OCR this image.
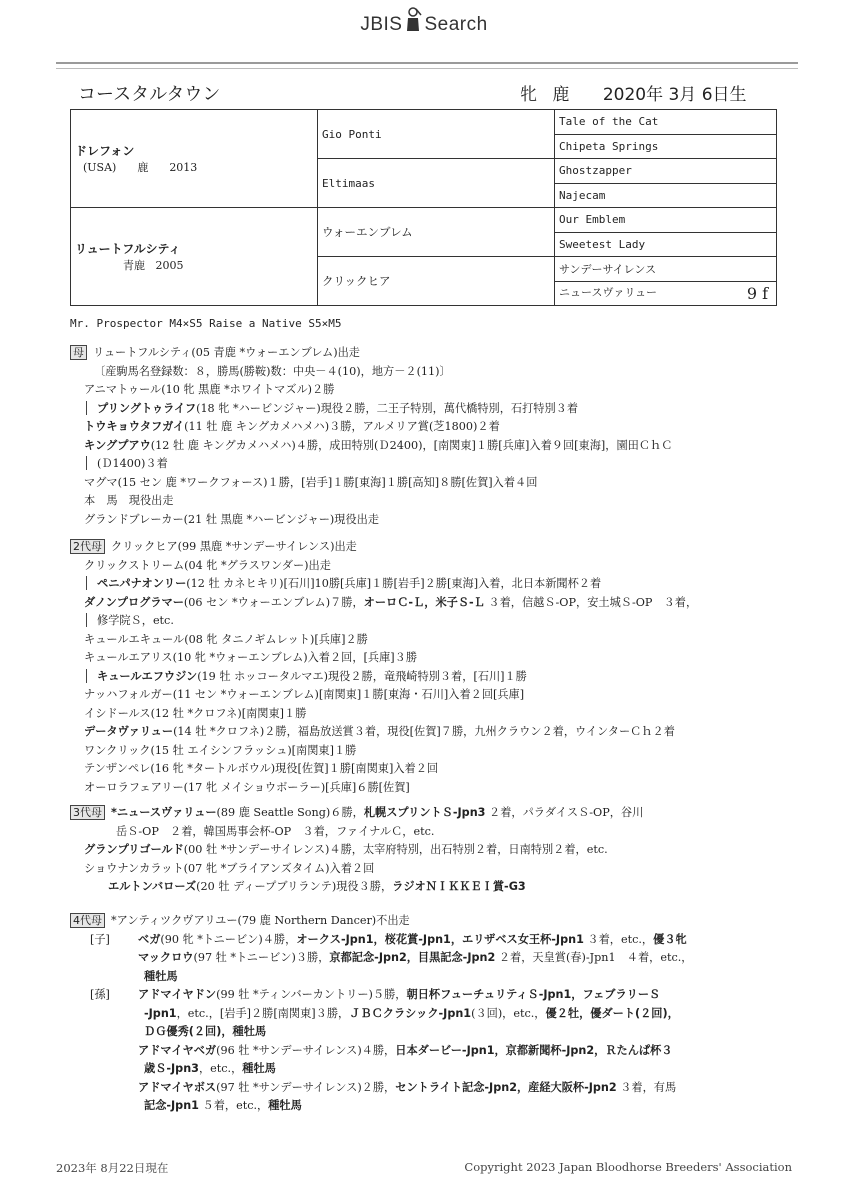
JBIS Search
コースタルタウン	牝 鹿 2020年 3月 6日生
ドレフォン
(USA) 鹿 2013	Gio Ponti	Tale of the Cat
		Chipeta Springs
	Eltimaas	Ghostzapper
		Najecam

リュートフルシティ
青鹿 2005	ウォーエンブレム	Our Emblem
		Sweetest Lady
	クリックヒア	サンデーサイレンス
		ニュースヴァリュー 9 f
Mr. Prospector M4×S5 Raise a Native S5×M5
母 リュートフルシティ(05 青鹿 *ウォーエンブレム)出走
〔産駒馬名登録数：８，勝馬(勝鞍)数：中央－４(10)，地方－２(11)〕
アニマトゥール(10 牝 黒鹿 *ホワイトマズル)２勝
プリングトゥライフ(18 牝 *ハービンジャー)現役２勝，二王子特別，萬代橋特別，石打特別３着
トウキョウタフガイ(11 牡 鹿 キングカメハメハ)３勝，アルメリア賞(芝1800)２着
キングプアウ(12 牡 鹿 キングカメハメハ)４勝，成田特別(Ｄ2400)，[南関東]１勝[兵庫]入着９回[東海]，園田ＣｈＣ
(Ｄ1400)３着
マグマ(15 セン 鹿 *ワークフォース)１勝，[岩手]１勝[東海]１勝[高知]８勝[佐賀]入着４回
本　馬　現役出走
グランドブレーカー(21 牡 黒鹿 *ハービンジャー)現役出走
2代母 クリックヒア(99 黒鹿 *サンデーサイレンス)出走
クリックストリーム(04 牝 *グラスワンダー)出走
ペニパナオンリー(12 牡 カネヒキリ)[石川]10勝[兵庫]１勝[岩手]２勝[東海]入着，北日本新聞杯２着
ダノンプログラマー(06 セン *ウォーエンブレム)７勝，オーロＣ-Ｌ，米子Ｓ-Ｌ ３着，信越Ｓ-OP，安土城Ｓ-OP　３着，
修学院Ｓ，etc.
キュールエキュール(08 牝 タニノギムレット)[兵庫]２勝
キュールエアリス(10 牝 *ウォーエンブレム)入着２回，[兵庫]３勝
キュールエフウジン(19 牡 ホッコータルマエ)現役２勝，竜飛崎特別３着，[石川]１勝
ナッハフォルガー(11 セン *ウォーエンブレム)[南関東]１勝[東海・石川]入着２回[兵庫]
イシドールス(12 牡 *クロフネ)[南関東]１勝
データヴァリュー(14 牡 *クロフネ)２勝，福島放送賞３着，現役[佐賀]７勝，九州クラウン２着，ウインターＣｈ２着
ワンクリック(15 牡 エイシンフラッシュ)[南関東]１勝
テンザンペレ(16 牝 *タートルボウル)現役[佐賀]１勝[南関東]入着２回
オーロラフェアリー(17 牝 メイショウボーラー)[兵庫]６勝[佐賀]
3代母 *ニュースヴァリュー(89 鹿 Seattle Song)６勝，札幌スプリントＳ-Jpn3 ２着，パラダイスＳ-OP，谷川
岳Ｓ-OP　２着，韓国馬事会杯-OP　３着，ファイナルＣ，etc.
グランプリゴールド(00 牡 *サンデーサイレンス)４勝，太宰府特別，出石特別２着，日南特別２着，etc.
ショウナンカラット(07 牝 *ブライアンズタイム)入着２回
エルトンバローズ(20 牡 ディープブリランテ)現役３勝，ラジオＮＩＫＫＥＩ賞-G3
4代母 *アンティツクヴアリユー(79 鹿 Northern Dancer)不出走
[子]	ベガ(90 牝 *トニービン)４勝，オークス-Jpn1，桜花賞-Jpn1，エリザベス女王杯-Jpn1 ３着，etc.，優３牝
マックロウ(97 牡 *トニービン)３勝，京都記念-Jpn2，目黒記念-Jpn2 ２着，天皇賞(春)-Jpn1　４着，etc.，
種牡馬
[孫]	アドマイヤドン(99 牡 *ティンバーカントリー)５勝，朝日杯フューチュリティＳ-Jpn1，フェブラリーＳ
-Jpn1，etc.，[岩手]２勝[南関東]３勝，ＪＢＣクラシック-Jpn1(３回)，etc.，優２牡，優ダート(２回)，
ＤＧ優秀(２回)，種牡馬
アドマイヤベガ(96 牡 *サンデーサイレンス)４勝，日本ダービー-Jpn1，京都新聞杯-Jpn2，Ｒたんぱ杯３
歳Ｓ-Jpn3，etc.，種牡馬
アドマイヤボス(97 牡 *サンデーサイレンス)２勝，セントライト記念-Jpn2，産経大阪杯-Jpn2 ３着，有馬
記念-Jpn1 ５着，etc.，種牡馬
2023年 8月22日現在	Copyright 2023 Japan Bloodhorse Breeders' Association
